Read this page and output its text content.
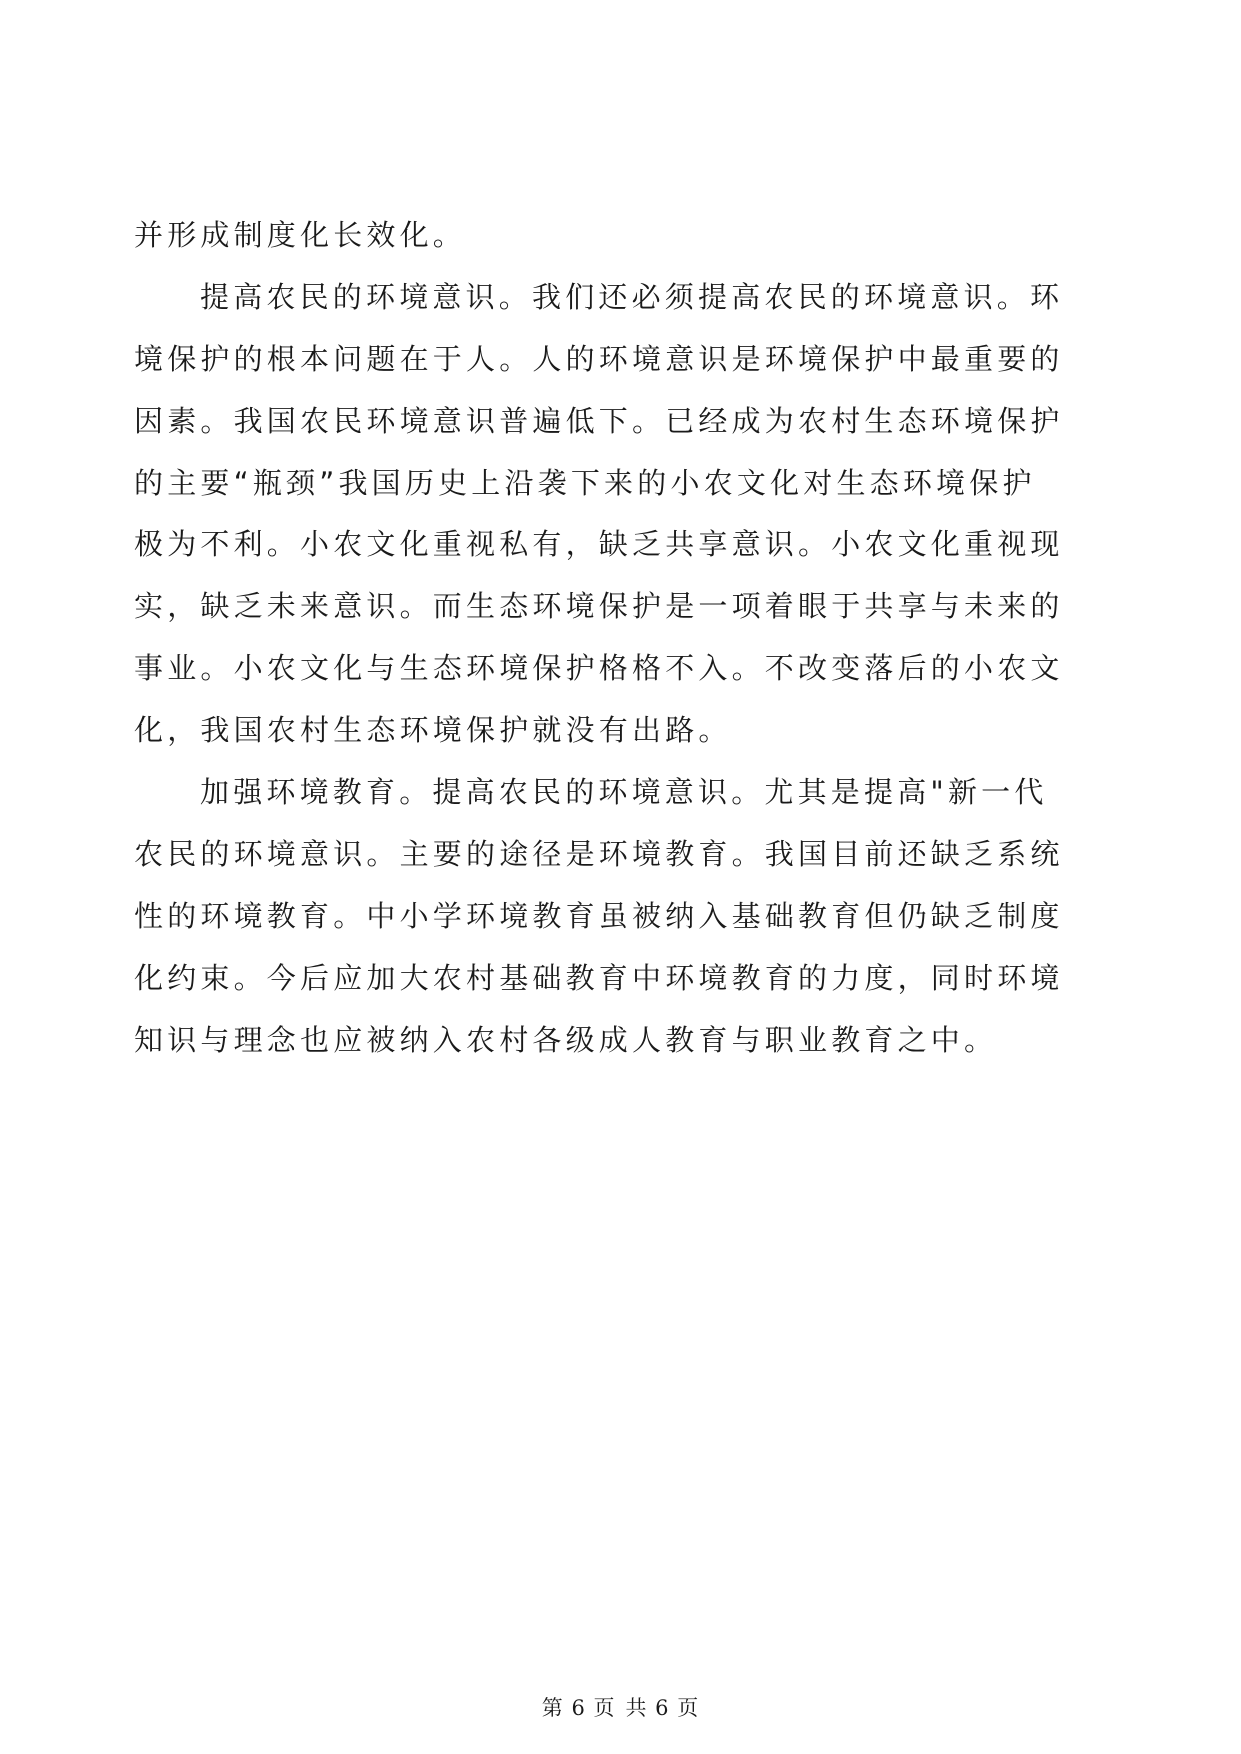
并形成制度化长效化。
提高农民的环境意识。我们还必须提高农民的环境意识。环
境保护的根本问题在于人。人的环境意识是环境保护中最重要的
因素。我国农民环境意识普遍低下。已经成为农村生态环境保护
的主要“瓶颈”我国历史上沿袭下来的小农文化对生态环境保护
极为不利。小农文化重视私有，缺乏共享意识。小农文化重视现
实，缺乏未来意识。而生态环境保护是一项着眼于共享与未来的
事业。小农文化与生态环境保护格格不入。不改变落后的小农文
化，我国农村生态环境保护就没有出路。
加强环境教育。提高农民的环境意识。尤其是提高"新一代
农民的环境意识。主要的途径是环境教育。我国目前还缺乏系统
性的环境教育。中小学环境教育虽被纳入基础教育但仍缺乏制度
化约束。今后应加大农村基础教育中环境教育的力度，同时环境
知识与理念也应被纳入农村各级成人教育与职业教育之中。
第 6 页 共 6 页
